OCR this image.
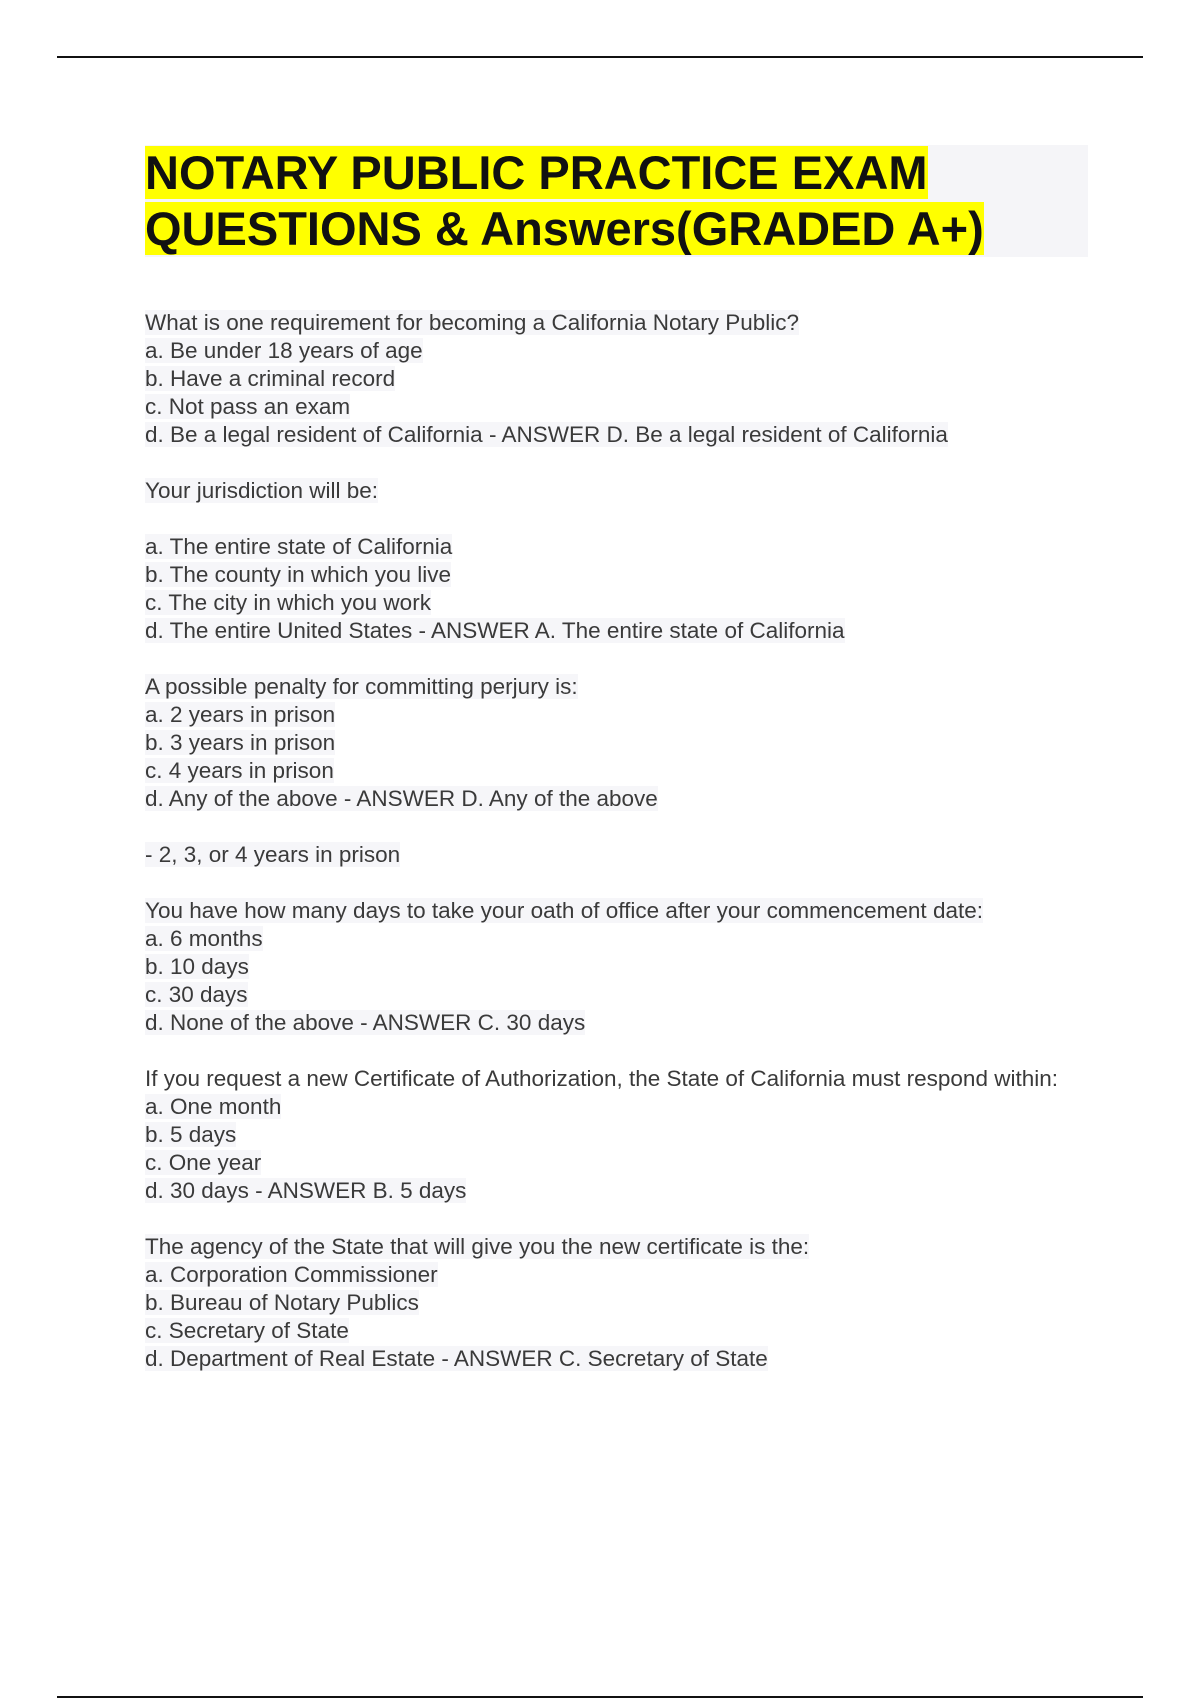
NOTARY PUBLIC PRACTICE EXAM
QUESTIONS & Answers(GRADED A+)
What is one requirement for becoming a California Notary Public?
a. Be under 18 years of age
b. Have a criminal record
c. Not pass an exam
d. Be a legal resident of California - ANSWER D. Be a legal resident of California
Your jurisdiction will be:
a. The entire state of California
b. The county in which you live
c. The city in which you work
d. The entire United States - ANSWER A. The entire state of California
A possible penalty for committing perjury is:
a. 2 years in prison
b. 3 years in prison
c. 4 years in prison
d. Any of the above - ANSWER D. Any of the above
- 2, 3, or 4 years in prison
You have how many days to take your oath of office after your commencement date:
a. 6 months
b. 10 days
c. 30 days
d. None of the above - ANSWER C. 30 days
If you request a new Certificate of Authorization, the State of California must respond within:
a. One month
b. 5 days
c. One year
d. 30 days - ANSWER B. 5 days
The agency of the State that will give you the new certificate is the:
a. Corporation Commissioner
b. Bureau of Notary Publics
c. Secretary of State
d. Department of Real Estate - ANSWER C. Secretary of State
